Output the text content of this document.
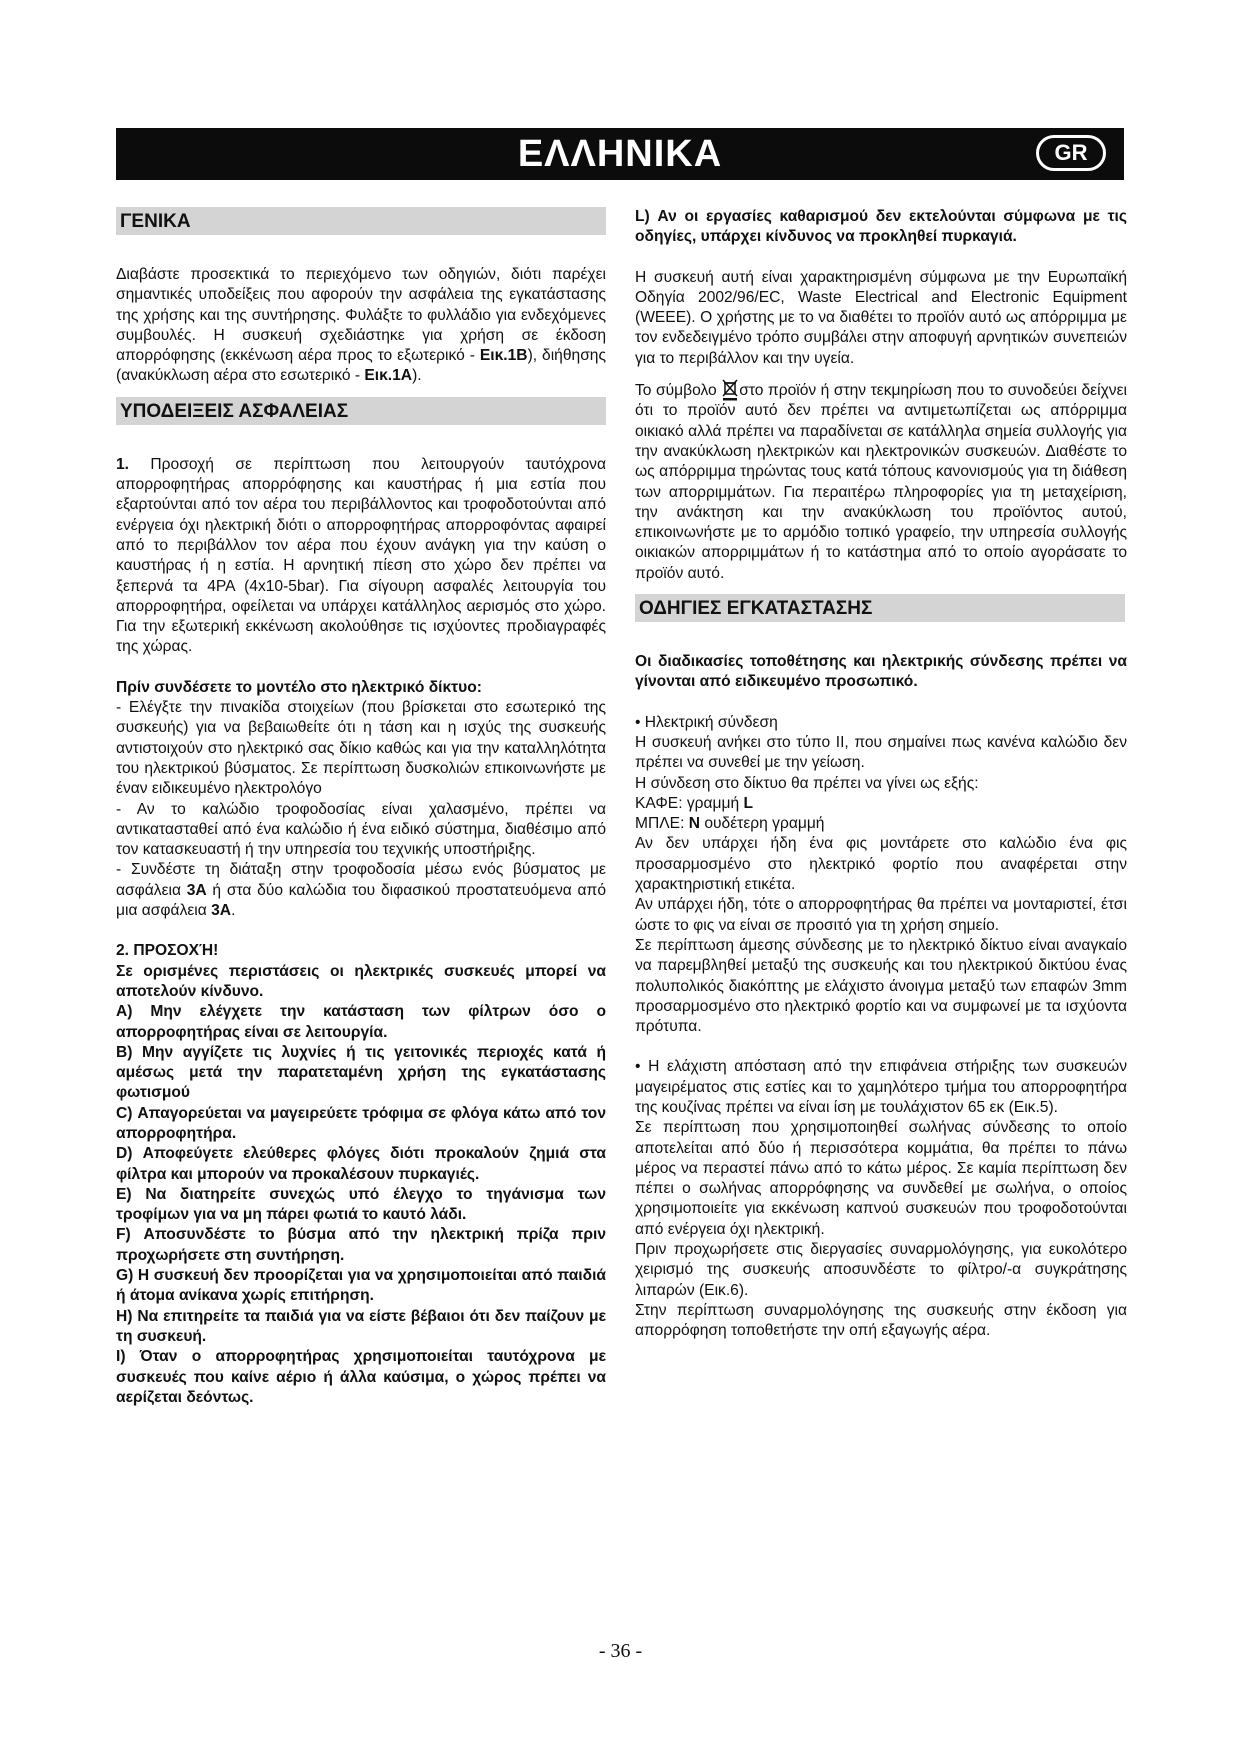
ΕΛΛΗΝΙΚΑ	GR
ΓΕΝΙΚΑ

Διαβάστε προσεκτικά το περιεχόμενο των οδηγιών, διότι παρέχει σημαντικές υποδείξεις που αφορούν την ασφάλεια της εγκατάστασης της χρήσης και της συντήρησης. Φυλάξτε το φυλλάδιο για ενδεχόμενες συμβουλές. Η συσκευή σχεδιάστηκε για χρήση σε έκδοση απορρόφησης (εκκένωση αέρα προς το εξωτερικό - Εικ.1Β), διήθησης (ανακύκλωση αέρα στο εσωτερικό - Εικ.1Α).

ΥΠΟΔΕΙΞΕΙΣ ΑΣΦΑΛΕΙΑΣ

1. Προσοχή σε περίπτωση που λειτουργούν ταυτόχρονα απορροφητήρας απορρόφησης και καυστήρας ή μια εστία που εξαρτούνται από τον αέρα του περιβάλλοντος και τροφοδοτούνται από ενέργεια όχι ηλεκτρική διότι ο απορροφητήρας απορροφόντας αφαιρεί από το περιβάλλον τον αέρα που έχουν ανάγκη για την καύση ο καυστήρας ή η εστία. Η αρνητική πίεση στο χώρο δεν πρέπει να ξεπερνά τα 4PA (4x10-5bar). Για σίγουρη ασφαλές λειτουργία του απορροφητήρα, οφείλεται να υπάρχει κατάλληλος αερισμός στο χώρο. Για την εξωτερική εκκένωση ακολούθησε τις ισχύοντες προδιαγραφές της χώρας.

Πρίν συνδέσετε το μοντέλο στο ηλεκτρικό δίκτυο:

- Ελέγξτε την πινακίδα στοιχείων (που βρίσκεται στο εσωτερικό της συσκευής) για να βεβαιωθείτε ότι η τάση και η ισχύς της συσκευής αντιστοιχούν στο ηλεκτρικό σας δίκιο καθώς και για την καταλληλότητα του ηλεκτρικού βύσματος. Σε περίπτωση δυσκολιών επικοινωνήστε με έναν ειδικευμένο ηλεκτρολόγο

- Αν το καλώδιο τροφοδοσίας είναι χαλασμένο, πρέπει να αντικατασταθεί από ένα καλώδιο ή ένα ειδικό σύστημα, διαθέσιμο από τον κατασκευαστή ή την υπηρεσία του τεχνικής υποστήριξης.

- Συνδέστε τη διάταξη στην τροφοδοσία μέσω ενός βύσματος με ασφάλεια 3A ή στα δύο καλώδια του διφασικού προστατευόμενα από μια ασφάλεια 3A.

2. ΠΡΟΣΟΧΉ!

Σε ορισμένες περιστάσεις οι ηλεκτρικές συσκευές μπορεί να αποτελούν κίνδυνο.

Α) Μην ελέγχετε την κατάσταση των φίλτρων όσο ο απορροφητήρας είναι σε λειτουργία.

Β) Μην αγγίζετε τις λυχνίες ή τις γειτονικές περιοχές κατά ή αμέσως μετά την παρατεταμένη χρήση της εγκατάστασης φωτισμού

C) Απαγορεύεται να μαγειρεύετε τρόφιμα σε φλόγα κάτω από τον απορροφητήρα.

D) Αποφεύγετε ελεύθερες φλόγες διότι προκαλούν ζημιά στα φίλτρα και μπορούν να προκαλέσουν πυρκαγιές.

E) Να διατηρείτε συνεχώς υπό έλεγχο το τηγάνισμα των τροφίμων για να μη πάρει φωτιά το καυτό λάδι.

F) Αποσυνδέστε το βύσμα από την ηλεκτρική πρίζα πριν προχωρήσετε στη συντήρηση.

G) Η συσκευή δεν προορίζεται για να χρησιμοποιείται από παιδιά ή άτομα ανίκανα χωρίς επιτήρηση.

H) Να επιτηρείτε τα παιδιά για να είστε βέβαιοι ότι δεν παίζουν με τη συσκευή.

I) Όταν ο απορροφητήρας χρησιμοποιείται ταυτόχρονα με συσκευές που καίνε αέριο ή άλλα καύσιμα, ο χώρος πρέπει να αερίζεται δεόντως.

L) Αν οι εργασίες καθαρισμού δεν εκτελούνται σύμφωνα με τις οδηγίες, υπάρχει κίνδυνος να προκληθεί πυρκαγιά.

Η συσκευή αυτή είναι χαρακτηρισμένη σύμφωνα με την Ευρωπαϊκή Οδηγία 2002/96/EC, Waste Electrical and Electronic Equipment (WEEE). Ο χρήστης με το να διαθέτει το προϊόν αυτό ως απόρριμμα με τον ενδεδειγμένο τρόπο συμβάλει στην αποφυγή αρνητικών συνεπειών για το περιβάλλον και την υγεία.

Το σύμβολο στο προϊόν ή στην τεκμηρίωση που το συνοδεύει δείχνει ότι το προϊόν αυτό δεν πρέπει να αντιμετωπίζεται ως απόρριμμα οικιακό αλλά πρέπει να παραδίνεται σε κατάλληλα σημεία συλλογής για την ανακύκλωση ηλεκτρικών και ηλεκτρονικών συσκευών. Διαθέστε το ως απόρριμμα τηρώντας τους κατά τόπους κανονισμούς για τη διάθεση των απορριμμάτων. Για περαιτέρω πληροφορίες για τη μεταχείριση, την ανάκτηση και την ανακύκλωση του προϊόντος αυτού, επικοινωνήστε με το αρμόδιο τοπικό γραφείο, την υπηρεσία συλλογής οικιακών απορριμμάτων ή το κατάστημα από το οποίο αγοράσατε το προϊόν αυτό.

ΟΔΗΓΙΕΣ ΕΓΚΑΤΑΣΤΑΣΗΣ

Οι διαδικασίες τοποθέτησης και ηλεκτρικής σύνδεσης πρέπει να γίνονται από ειδικευμένο προσωπικό.

• Ηλεκτρική σύνδεση

Η συσκευή ανήκει στο τύπο ΙΙ, που σημαίνει πως κανένα καλώδιο δεν πρέπει να συνεθεί με την γείωση.

Η σύνδεση στο δίκτυο θα πρέπει να γίνει ως εξής:

ΚΑΦΕ: γραμμή L

ΜΠΛΕ: N ουδέτερη γραμμή

Αν δεν υπάρχει ήδη ένα φις μοντάρετε στο καλώδιο ένα φις προσαρμοσμένο στο ηλεκτρικό φορτίο που αναφέρεται στην χαρακτηριστική ετικέτα.

Αν υπάρχει ήδη, τότε ο απορροφητήρας θα πρέπει να μονταριστεί, έτσι ώστε το φις να είναι σε προσιτό για τη χρήση σημείο.

Σε περίπτωση άμεσης σύνδεσης με το ηλεκτρικό δίκτυο είναι αναγκαίο να παρεμβληθεί μεταξύ της συσκευής και του ηλεκτρικού δικτύου ένας πολυπολικός διακόπτης με ελάχιστο άνοιγμα μεταξύ των επαφών 3mm προσαρμοσμένο στο ηλεκτρικό φορτίο και να συμφωνεί με τα ισχύοντα πρότυπα.

• Η ελάχιστη απόσταση από την επιφάνεια στήριξης των συσκευών μαγειρέματος στις εστίες και το χαμηλότερο τμήμα του απορροφητήρα της κουζίνας πρέπει να είναι ίση με τουλάχιστον 65 εκ (Εικ.5).

Σε περίπτωση που χρησιμοποιηθεί σωλήνας σύνδεσης το οποίο αποτελείται από δύο ή περισσότερα κομμάτια, θα πρέπει το πάνω μέρος να περαστεί πάνω από το κάτω μέρος. Σε καμία περίπτωση δεν πέπει ο σωλήνας απορρόφησης να συνδεθεί με σωλήνα, ο οποίος χρησιμοποιείτε για εκκένωση καπνού συσκευών που τροφοδοτούνται από ενέργεια όχι ηλεκτρική.

Πριν προχωρήσετε στις διεργασίες συναρμολόγησης, για ευκολότερο χειρισμό της συσκευής αποσυνδέστε το φίλτρο/-α συγκράτησης λιπαρών (Εικ.6).

Στην περίπτωση συναρμολόγησης της συσκευής στην έκδοση για απορρόφηση τοποθετήστε την οπή εξαγωγής αέρα.

- 36 -
